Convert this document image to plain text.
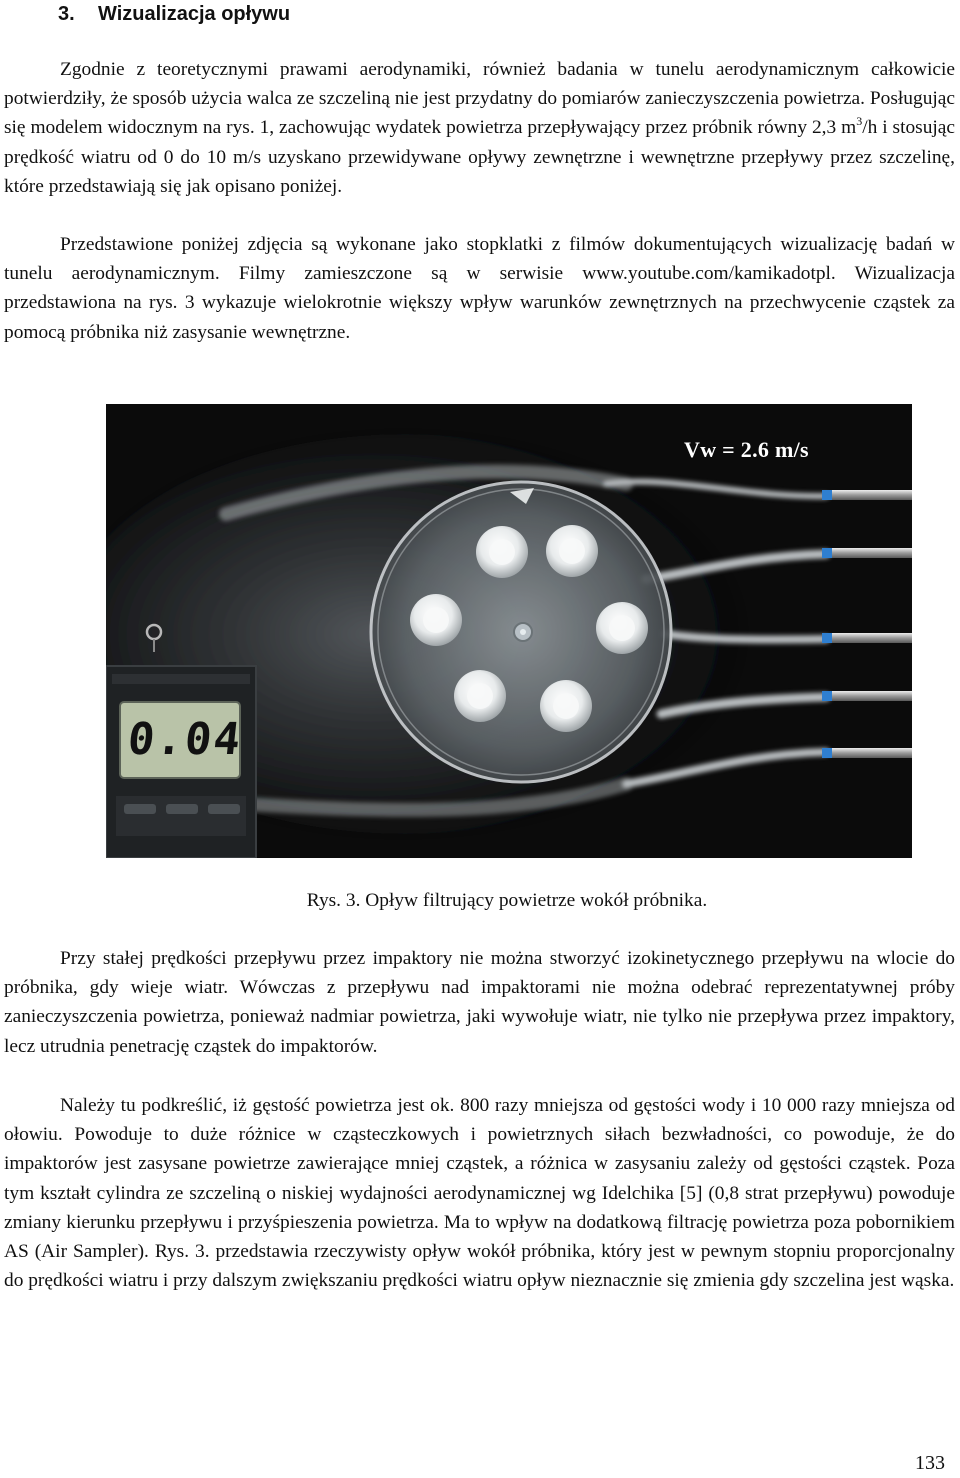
3. Wizualizacja opływu

Zgodnie z teoretycznymi prawami aerodynamiki, również badania w tunelu aerodynamicznym całkowicie potwierdziły, że sposób użycia walca ze szczeliną nie jest przydatny do pomiarów zanieczyszczenia powietrza. Posługując się modelem widocznym na rys. 1, zachowując wydatek powietrza przepływający przez próbnik równy 2,3 $m^3/h$ i stosując prędkość wiatru od 0 do 10 m/s uzyskano przewidywane opływy zewnętrzne i wewnętrzne przepływy przez szczelinę, które przedstawiają się jak opisano poniżej.

Przedstawione poniżej zdjęcia są wykonane jako stopklatki z filmów dokumentujących wizualizację badań w tunelu aerodynamicznym. Filmy zamieszczone są w serwisie www.youtube.com/kamikadotpl. Wizualizacja przedstawiona na rys. 3 wykazuje wielokrotnie większy wpływ warunków zewnętrznych na przechwycenie cząstek za pomocą próbnika niż zasysanie wewnętrzne.

Vw = 2.6 m/s
0.04

Rys. 3. Opływ filtrujący powietrze wokół próbnika.

Przy stałej prędkości przepływu przez impaktory nie można stworzyć izokinetycznego przepływu na wlocie do próbnika, gdy wieje wiatr. Wówczas z przepływu nad impaktorami nie można odebrać reprezentatywnej próby zanieczyszczenia powietrza, ponieważ nadmiar powietrza, jaki wywołuje wiatr, nie tylko nie przepływa przez impaktory, lecz utrudnia penetrację cząstek do impaktorów.

Należy tu podkreślić, iż gęstość powietrza jest ok. 800 razy mniejsza od gęstości wody i 10 000 razy mniejsza od ołowiu. Powoduje to duże różnice w cząsteczkowych i powietrznych siłach bezwładności, co powoduje, że do impaktorów jest zasysane powietrze zawierające mniej cząstek, a różnica w zasysaniu zależy od gęstości cząstek. Poza tym kształt cylindra ze szczeliną o niskiej wydajności aerodynamicznej wg Idelchika [5] (0,8 strat przepływu) powoduje zmiany kierunku przepływu i przyśpieszenia powietrza. Ma to wpływ na dodatkową filtrację powietrza poza pobornikiem AS (Air Sampler). Rys. 3. przedstawia rzeczywisty opływ wokół próbnika, który jest w pewnym stopniu proporcjonalny do prędkości wiatru i przy dalszym zwiększaniu prędkości wiatru opływ nieznacznie się zmienia gdy szczelina jest wąska.

133
